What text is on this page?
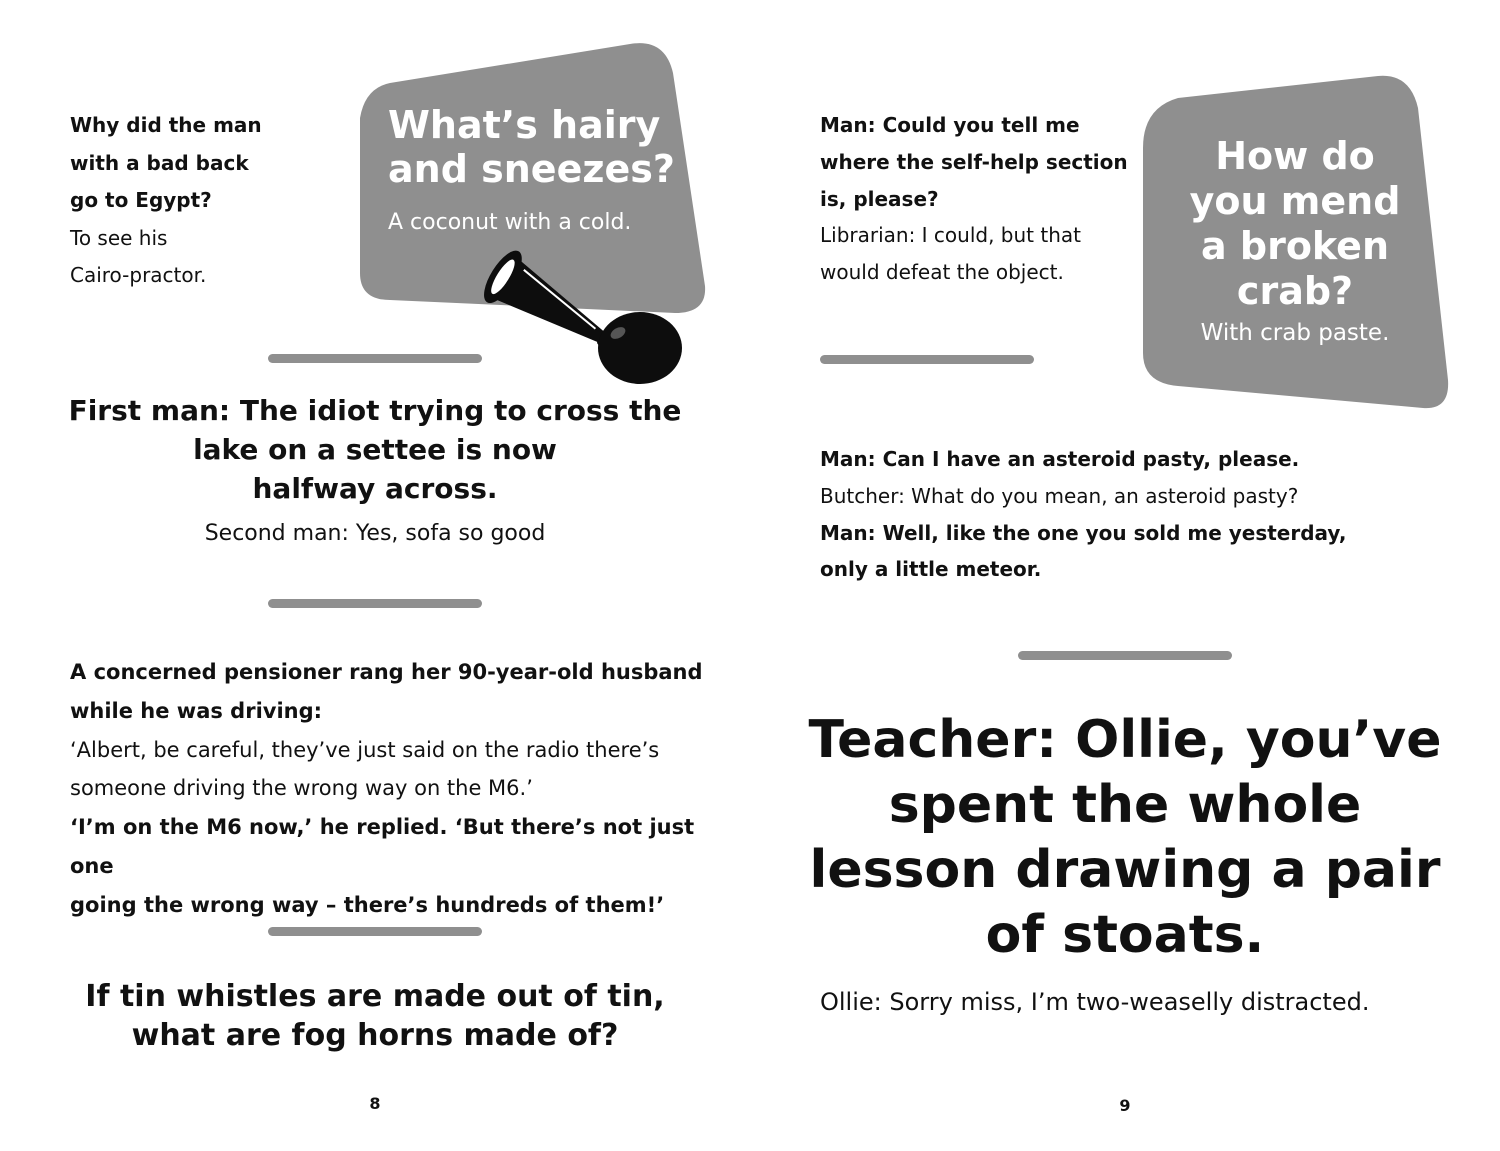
Why did the man
with a bad back
go to Egypt?
To see his
Cairo-practor.
What’s hairy
and sneezes?
A coconut with a cold.
First man: The idiot trying to cross the
lake on a settee is now
halfway across.
Second man: Yes, sofa so good
A concerned pensioner rang her 90-year-old husband
while he was driving:
‘Albert, be careful, they’ve just said on the radio there’s
someone driving the wrong way on the M6.’
‘I’m on the M6 now,’ he replied. ‘But there’s not just one
going the wrong way – there’s hundreds of them!’
If tin whistles are made out of tin,
what are fog horns made of?
8
Man: Could you tell me
where the self-help section
is, please?
Librarian: I could, but that
would defeat the object.
How do
you mend
a broken
crab?
With crab paste.
Man: Can I have an asteroid pasty, please.
Butcher: What do you mean, an asteroid pasty?
Man: Well, like the one you sold me yesterday,
only a little meteor.
Teacher: Ollie, you’ve
spent the whole
lesson drawing a pair
of stoats.
Ollie: Sorry miss, I’m two-weaselly distracted.
9
